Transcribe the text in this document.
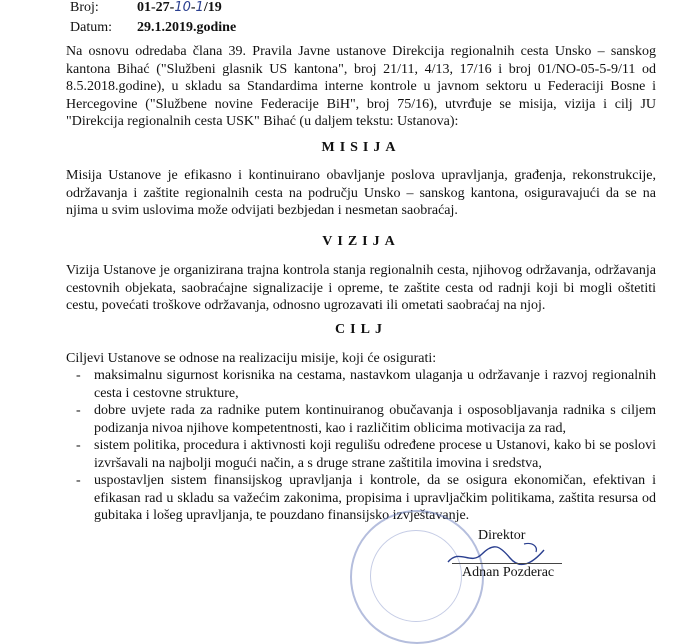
Broj:	01-27-10-1/19
Datum:	29.1.2019.godine

Na osnovu odredaba člana 39. Pravila Javne ustanove Direkcija regionalnih cesta Unsko – sanskog kantona Bihać ("Službeni glasnik US kantona", broj 21/11, 4/13, 17/16 i broj 01/NO-05-5-9/11 od 8.5.2018.godine), u skladu sa Standardima interne kontrole u javnom sektoru u Federaciji Bosne i Hercegovine ("Službene novine Federacije BiH", broj 75/16), utvrđuje se misija, vizija i cilj JU "Direkcija regionalnih cesta USK" Bihać (u daljem tekstu: Ustanova):

MISIJA

Misija Ustanove je efikasno i kontinuirano obavljanje poslova upravljanja, građenja, rekonstrukcije, održavanja i zaštite regionalnih cesta na području Unsko – sanskog kantona, osiguravajući da se na njima u svim uslovima može odvijati bezbjedan i nesmetan saobraćaj.

VIZIJA

Vizija Ustanove je organizirana trajna kontrola stanja regionalnih cesta, njihovog održavanja, održavanja cestovnih objekata, saobraćajne signalizacije i opreme, te zaštite cesta od radnji koji bi mogli oštetiti cestu, povećati troškove održavanja, odnosno ugrozavati ili ometati saobraćaj na njoj.

CILJ

Ciljevi Ustanove se odnose na realizaciju misije, koji će osigurati:

- maksimalnu sigurnost korisnika na cestama, nastavkom ulaganja u održavanje i razvoj regionalnih cesta i cestovne strukture,
- dobre uvjete rada za radnike putem kontinuiranog obučavanja i osposobljavanja radnika s ciljem podizanja nivoa njihove kompetentnosti, kao i različitim oblicima motivacija za rad,
- sistem politika, procedura i aktivnosti koji regulišu određene procese u Ustanovi, kako bi se poslovi izvršavali na najbolji mogući način, a s druge strane zaštitila imovina i sredstva,
- uspostavljen sistem finansijskog upravljanja i kontrole, da se osigura ekonomičan, efektivan i efikasan rad u skladu sa važećim zakonima, propisima i upravljačkim politikama, zaštita resursa od gubitaka i lošeg upravljanja, te pouzdano finansijsko izvještavanje.
Direktor
Adnan Pozderac
